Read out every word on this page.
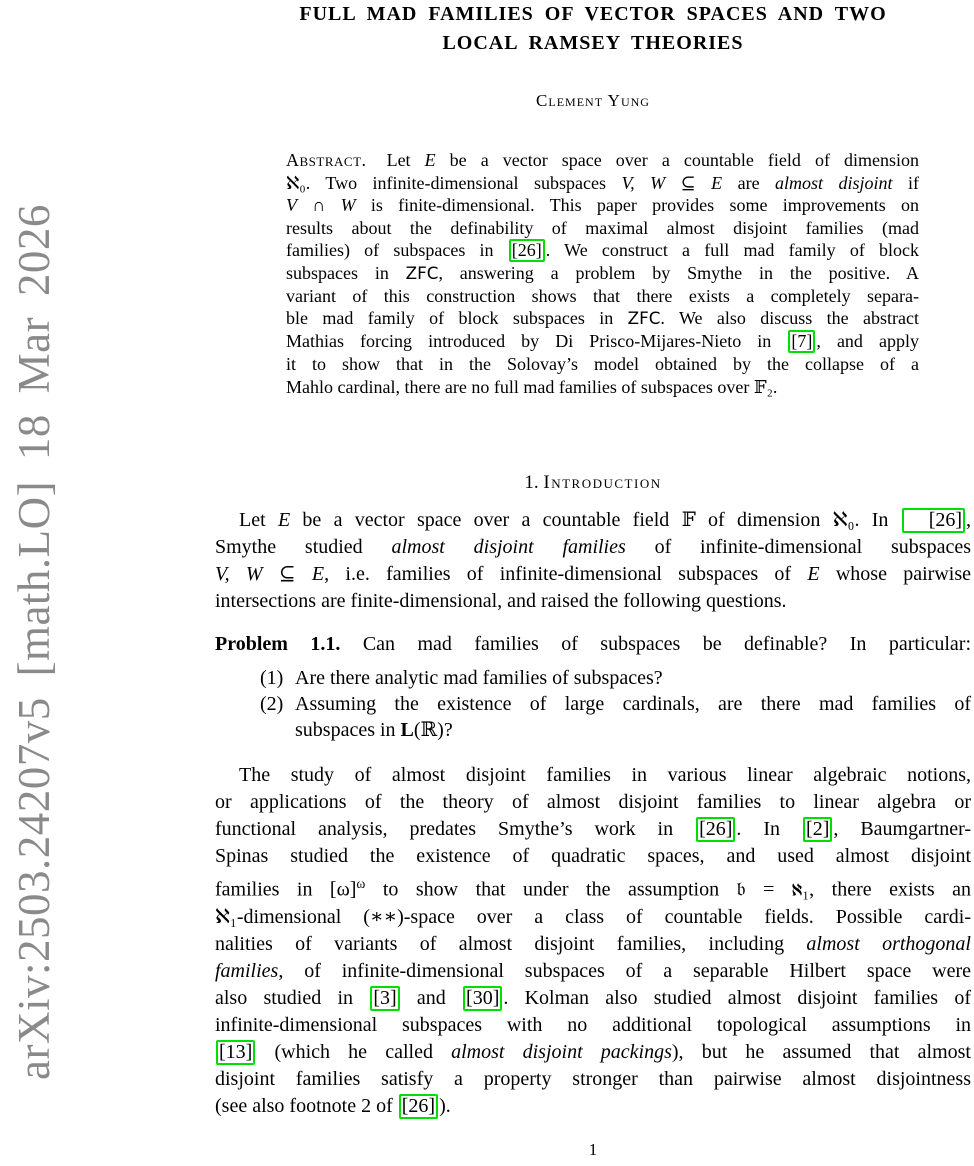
arXiv:2503.24207v5 [math.LO] 18 Mar 2026
FULL MAD FAMILIES OF VECTOR SPACES AND TWO
LOCAL RAMSEY THEORIES
Clement Yung
Abstract. Let E be a vector space over a countable field of dimension
ℵ₀. Two infinite-dimensional subspaces V, W ⊆ E are almost disjoint if
V ∩ W is finite-dimensional. This paper provides some improvements on
results about the definability of maximal almost disjoint families (mad
families) of subspaces in [26] . We construct a full mad family of block
subspaces in ZFC, answering a problem by Smythe in the positive. A
variant of this construction shows that there exists a completely separa-
ble mad family of block subspaces in ZFC. We also discuss the abstract
Mathias forcing introduced by Di Prisco-Mijares-Nieto in [7] , and apply
it to show that in the Solovay’s model obtained by the collapse of a
Mahlo cardinal, there are no full mad families of subspaces over 𝔽₂.
1. Introduction
Let E be a vector space over a countable field 𝔽 of dimension ℵ₀. In [26] ,
Smythe studied almost disjoint families of infinite-dimensional subspaces
V, W ⊆ E, i.e. families of infinite-dimensional subspaces of E whose pairwise
intersections are finite-dimensional, and raised the following questions.
Problem 1.1. Can mad families of subspaces be definable? In particular:
(1) Are there analytic mad families of subspaces?
(2) Assuming the existence of large cardinals, are there mad families of
subspaces in L(ℝ)?
The study of almost disjoint families in various linear algebraic notions,
or applications of the theory of almost disjoint families to linear algebra or
functional analysis, predates Smythe’s work in [26] . In [2] , Baumgartner-
Spinas studied the existence of quadratic spaces, and used almost disjoint
families in $[\omega]^\omega$ to show that under the assumption 𝔟 = ℵ₁, there exists an
ℵ₁-dimensional (∗∗)-space over a class of countable fields. Possible cardi-
nalities of variants of almost disjoint families, including almost orthogonal
families, of infinite-dimensional subspaces of a separable Hilbert space were
also studied in [3] and [30] . Kolman also studied almost disjoint families of
infinite-dimensional subspaces with no additional topological assumptions in
[13] (which he called almost disjoint packings), but he assumed that almost
disjoint families satisfy a property stronger than pairwise almost disjointness
(see also footnote 2 of [26] ).
1
